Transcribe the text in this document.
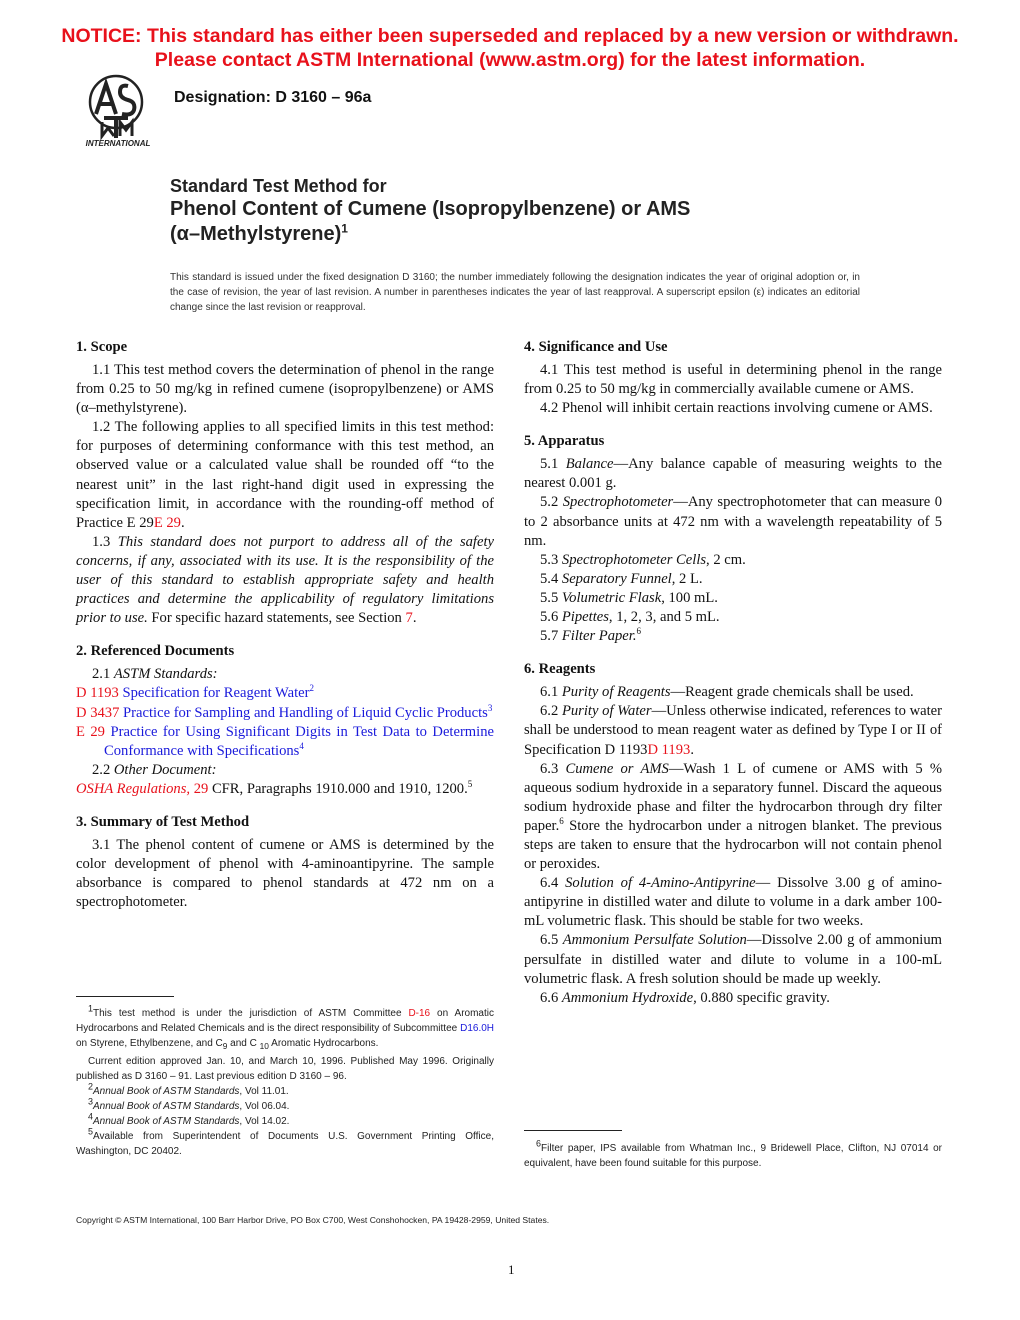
NOTICE: This standard has either been superseded and replaced by a new version or withdrawn.
Please contact ASTM International (www.astm.org) for the latest information.
INTERNATIONAL
Designation: D 3160 – 96a
Standard Test Method for
Phenol Content of Cumene (Isopropylbenzene) or AMS
(α–Methylstyrene)$^1$
This standard is issued under the fixed designation D 3160; the number immediately following the designation indicates the year of original adoption or, in the case of revision, the year of last revision. A number in parentheses indicates the year of last reapproval. A superscript epsilon (ε) indicates an editorial change since the last revision or reapproval.
1. Scope

1.1 This test method covers the determination of phenol in the range from 0.25 to 50 mg/kg in refined cumene (isopropylbenzene) or AMS (α–methylstyrene).

1.2 The following applies to all specified limits in this test method: for purposes of determining conformance with this test method, an observed value or a calculated value shall be rounded off “to the nearest unit” in the last right-hand digit used in expressing the specification limit, in accordance with the rounding-off method of Practice E 29E 29.

1.3 This standard does not purport to address all of the safety concerns, if any, associated with its use. It is the responsibility of the user of this standard to establish appropriate safety and health practices and determine the applicability of regulatory limitations prior to use. For specific hazard statements, see Section 7.

2. Referenced Documents

2.1 ASTM Standards:

D 1193 Specification for Reagent Water$^2$
D 3437 Practice for Sampling and Handling of Liquid Cyclic Products$^3$
E 29 Practice for Using Significant Digits in Test Data to Determine Conformance with Specifications$^4$

2.2 Other Document:

OSHA Regulations, 29 CFR, Paragraphs 1910.000 and 1910, 1200.$^5$
3. Summary of Test Method

3.1 The phenol content of cumene or AMS is determined by the color development of phenol with 4-aminoantipyrine. The sample absorbance is compared to phenol standards at 472 nm on a spectrophotometer.

$^1$This test method is under the jurisdiction of ASTM Committee D-16 on Aromatic Hydrocarbons and Related Chemicals and is the direct responsibility of Subcommittee D16.0H on Styrene, Ethylbenzene, and $C_9$ and C $_{10}$ Aromatic Hydrocarbons.

Current edition approved Jan. 10, and March 10, 1996. Published May 1996. Originally published as D 3160 – 91. Last previous edition D 3160 – 96.

$^2$Annual Book of ASTM Standards, Vol 11.01.

$^3$Annual Book of ASTM Standards, Vol 06.04.

$^4$Annual Book of ASTM Standards, Vol 14.02.

$^5$Available from Superintendent of Documents U.S. Government Printing Office, Washington, DC 20402.

4. Significance and Use

4.1 This test method is useful in determining phenol in the range from 0.25 to 50 mg/kg in commercially available cumene or AMS.

4.2 Phenol will inhibit certain reactions involving cumene or AMS.

5. Apparatus

5.1 Balance—Any balance capable of measuring weights to the nearest 0.001 g.

5.2 Spectrophotometer—Any spectrophotometer that can measure 0 to 2 absorbance units at 472 nm with a wavelength repeatability of 5 nm.

5.3 Spectrophotometer Cells, 2 cm.

5.4 Separatory Funnel, 2 L.

5.5 Volumetric Flask, 100 mL.

5.6 Pipettes, 1, 2, 3, and 5 mL.

5.7 Filter Paper.$^6$

6. Reagents

6.1 Purity of Reagents—Reagent grade chemicals shall be used.

6.2 Purity of Water—Unless otherwise indicated, references to water shall be understood to mean reagent water as defined by Type I or II of Specification D 1193D 1193.

6.3 Cumene or AMS—Wash 1 L of cumene or AMS with 5 % aqueous sodium hydroxide in a separatory funnel. Discard the aqueous sodium hydroxide phase and filter the hydrocarbon through dry filter paper.$^6$ Store the hydrocarbon under a nitrogen blanket. The previous steps are taken to ensure that the hydrocarbon will not contain phenol or peroxides.

6.4 Solution of 4-Amino-Antipyrine— Dissolve 3.00 g of amino-antipyrine in distilled water and dilute to volume in a dark amber 100-mL volumetric flask. This should be stable for two weeks.

6.5 Ammonium Persulfate Solution—Dissolve 2.00 g of ammonium persulfate in distilled water and dilute to volume in a 100-mL volumetric flask. A fresh solution should be made up weekly.

6.6 Ammonium Hydroxide, 0.880 specific gravity.

$^6$Filter paper, IPS available from Whatman Inc., 9 Bridewell Place, Clifton, NJ 07014 or equivalent, have been found suitable for this purpose.

Copyright © ASTM International, 100 Barr Harbor Drive, PO Box C700, West Conshohocken, PA 19428-2959, United States.
1
